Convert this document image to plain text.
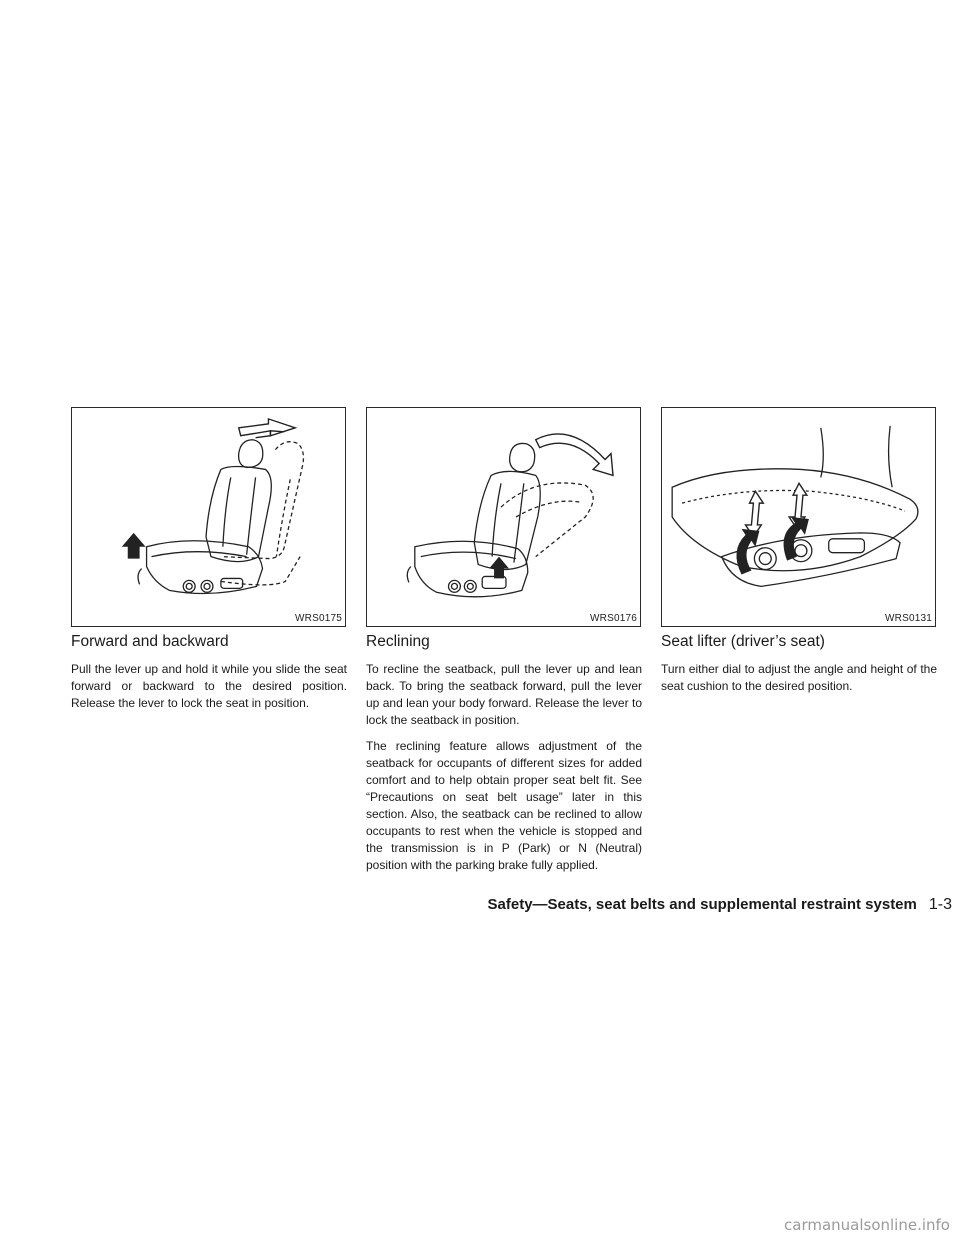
WRS0175	WRS0176	WRS0131
Forward and backward

Pull the lever up and hold it while you slide the seat forward or backward to the desired position. Release the lever to lock the seat in position.

Reclining

To recline the seatback, pull the lever up and lean back. To bring the seatback forward, pull the lever up and lean your body forward. Release the lever to lock the seatback in position.

The reclining feature allows adjustment of the seatback for occupants of different sizes for added comfort and to help obtain proper seat belt fit. See “Precautions on seat belt usage” later in this section. Also, the seatback can be reclined to allow occupants to rest when the vehicle is stopped and the transmission is in P (Park) or N (Neutral) position with the parking brake fully applied.

Seat lifter (driver’s seat)

Turn either dial to adjust the angle and height of the seat cushion to the desired position.

Safety—Seats, seat belts and supplemental restraint system 1-3
carmanualsonline.info
